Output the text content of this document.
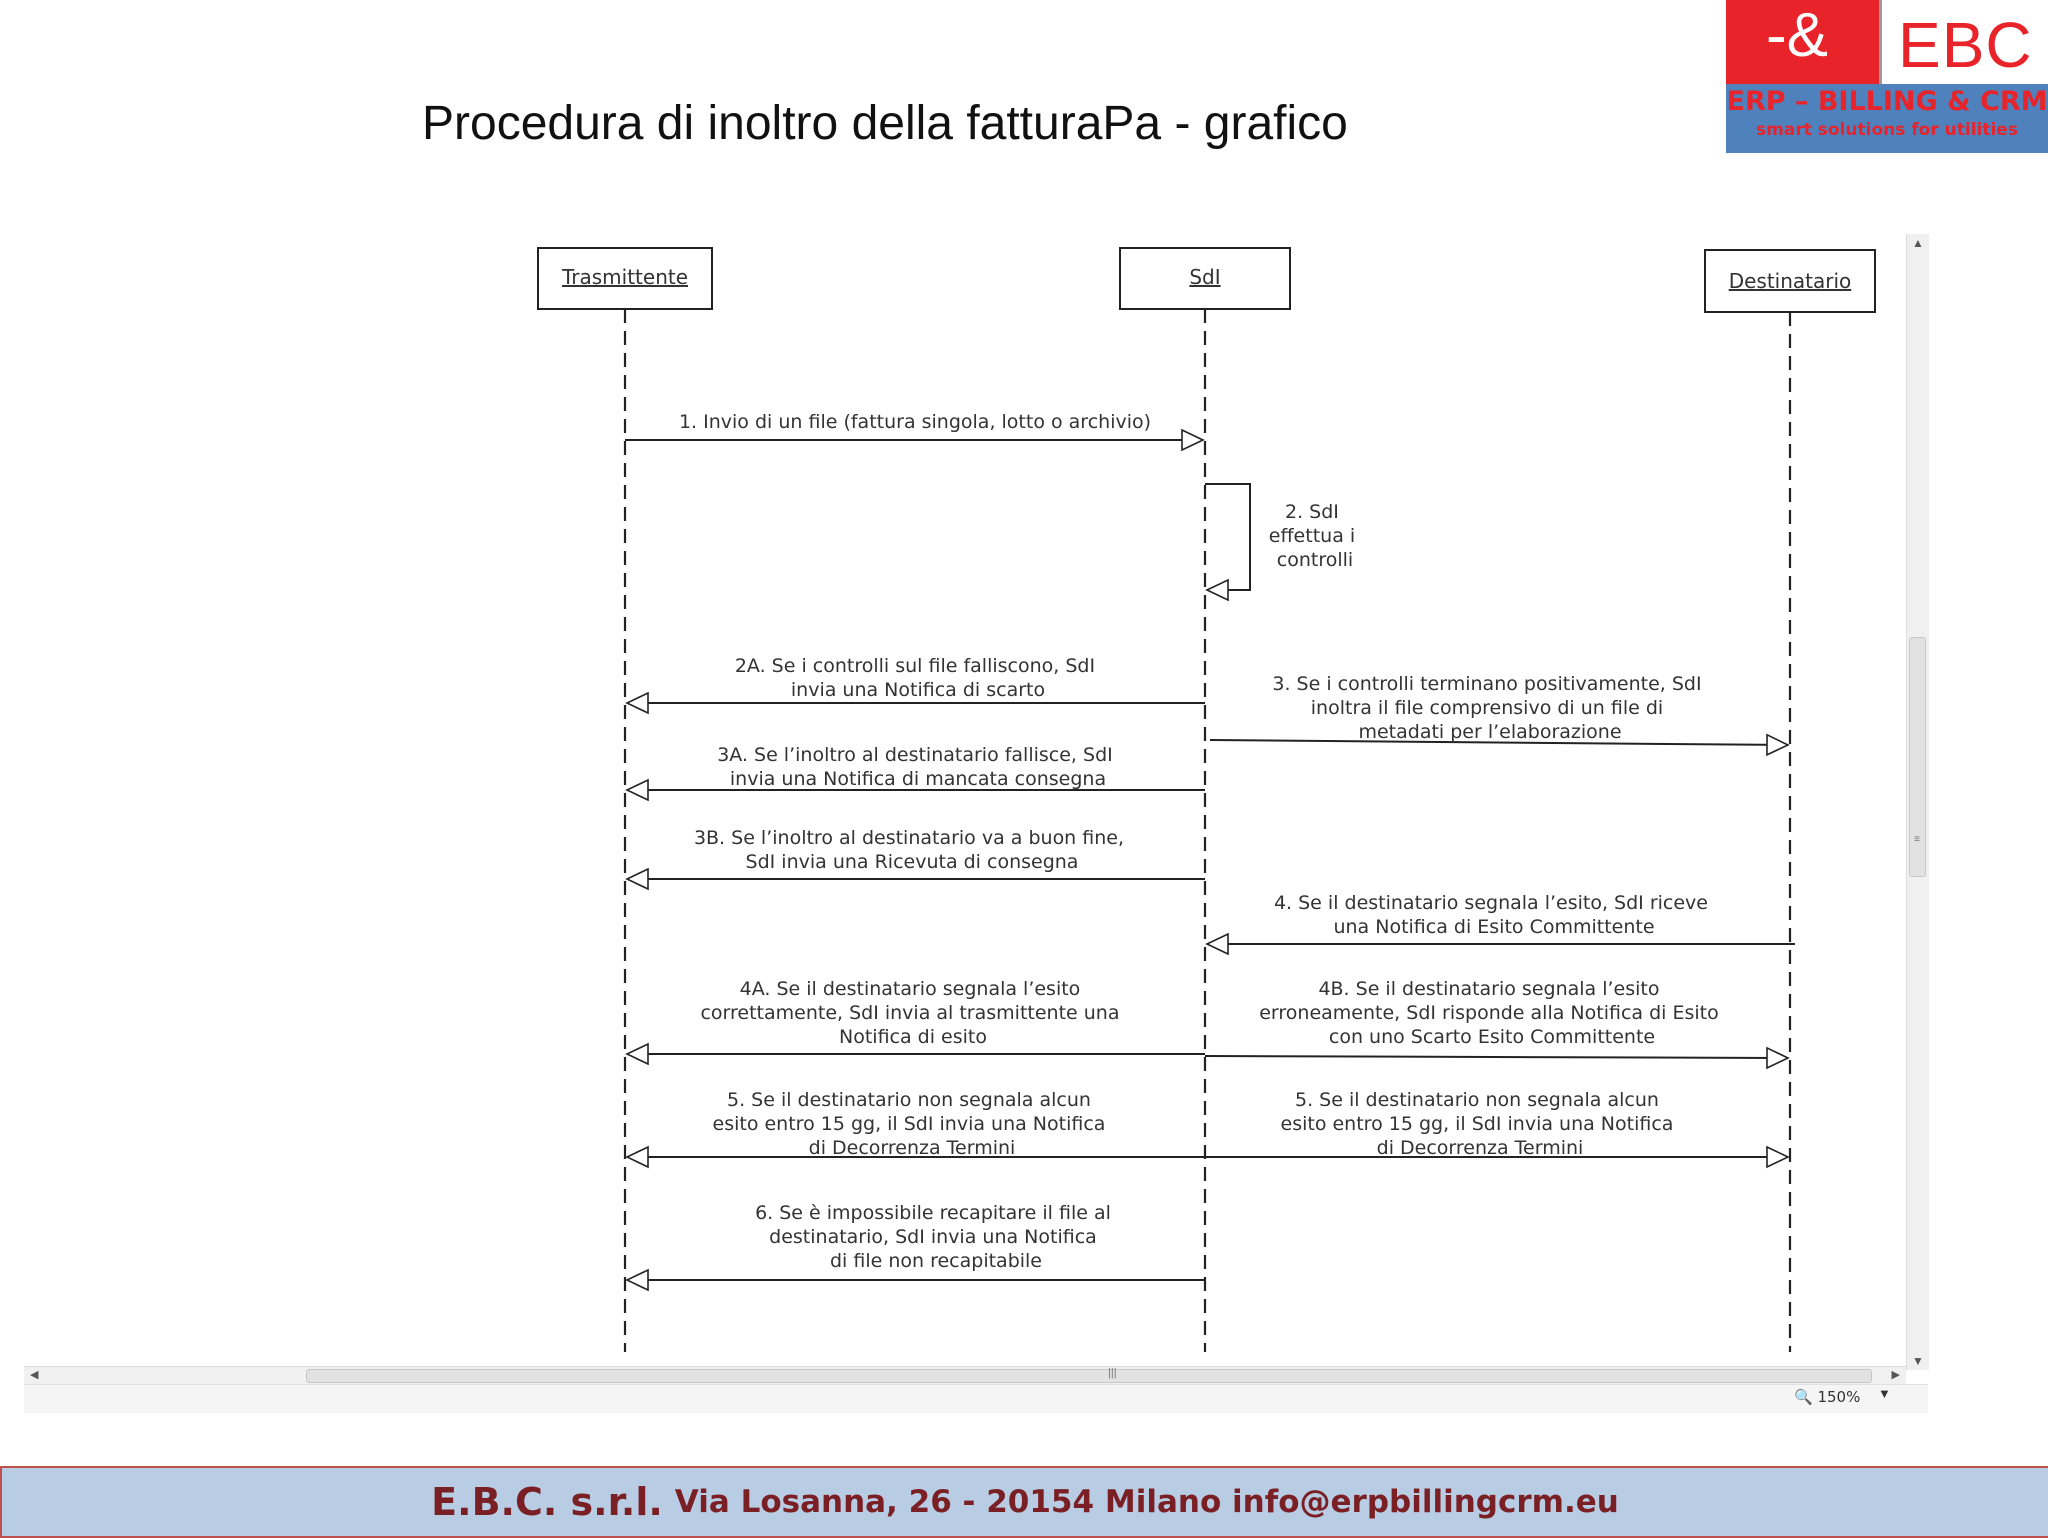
Procedura di inoltro della fatturaPa - grafico
-& EBC
ERP – BILLING & CRM
smart solutions for utilities
Trasmittente	SdI	Destinatario
1. Invio di un file (fattura singola, lotto o archivio)
2. SdI effettua i controlli
2A. Se i controlli sul file falliscono, SdI invia una Notifica di scarto	3. Se i controlli terminano positivamente, SdI inoltra il file comprensivo di un file di metadati per l’elaborazione
3A. Se l’inoltro al destinatario fallisce, SdI invia una Notifica di mancata consegna
3B. Se l’inoltro al destinatario va a buon fine, SdI invia una Ricevuta di consegna
4. Se il destinatario segnala l’esito, SdI riceve una Notifica di Esito Committente
4A. Se il destinatario segnala l’esito correttamente, SdI invia al trasmittente una Notifica di esito
4B. Se il destinatario segnala l’esito erroneamente, SdI risponde alla Notifica di Esito con uno Scarto Esito Committente
5. Se il destinatario non segnala alcun esito entro 15 gg, il SdI invia una Notifica di Decorrenza Termini
5. Se il destinatario non segnala alcun esito entro 15 gg, il SdI invia una Notifica di Decorrenza Termini
6. Se è impossibile recapitare il file al destinatario, SdI invia una Notifica di file non recapitabile
▲
≡
▼
◀	|||	▶
🔍 150% ▼
E.B.C. s.r.l. Via Losanna, 26 - 20154 Milano info@erpbillingcrm.eu
